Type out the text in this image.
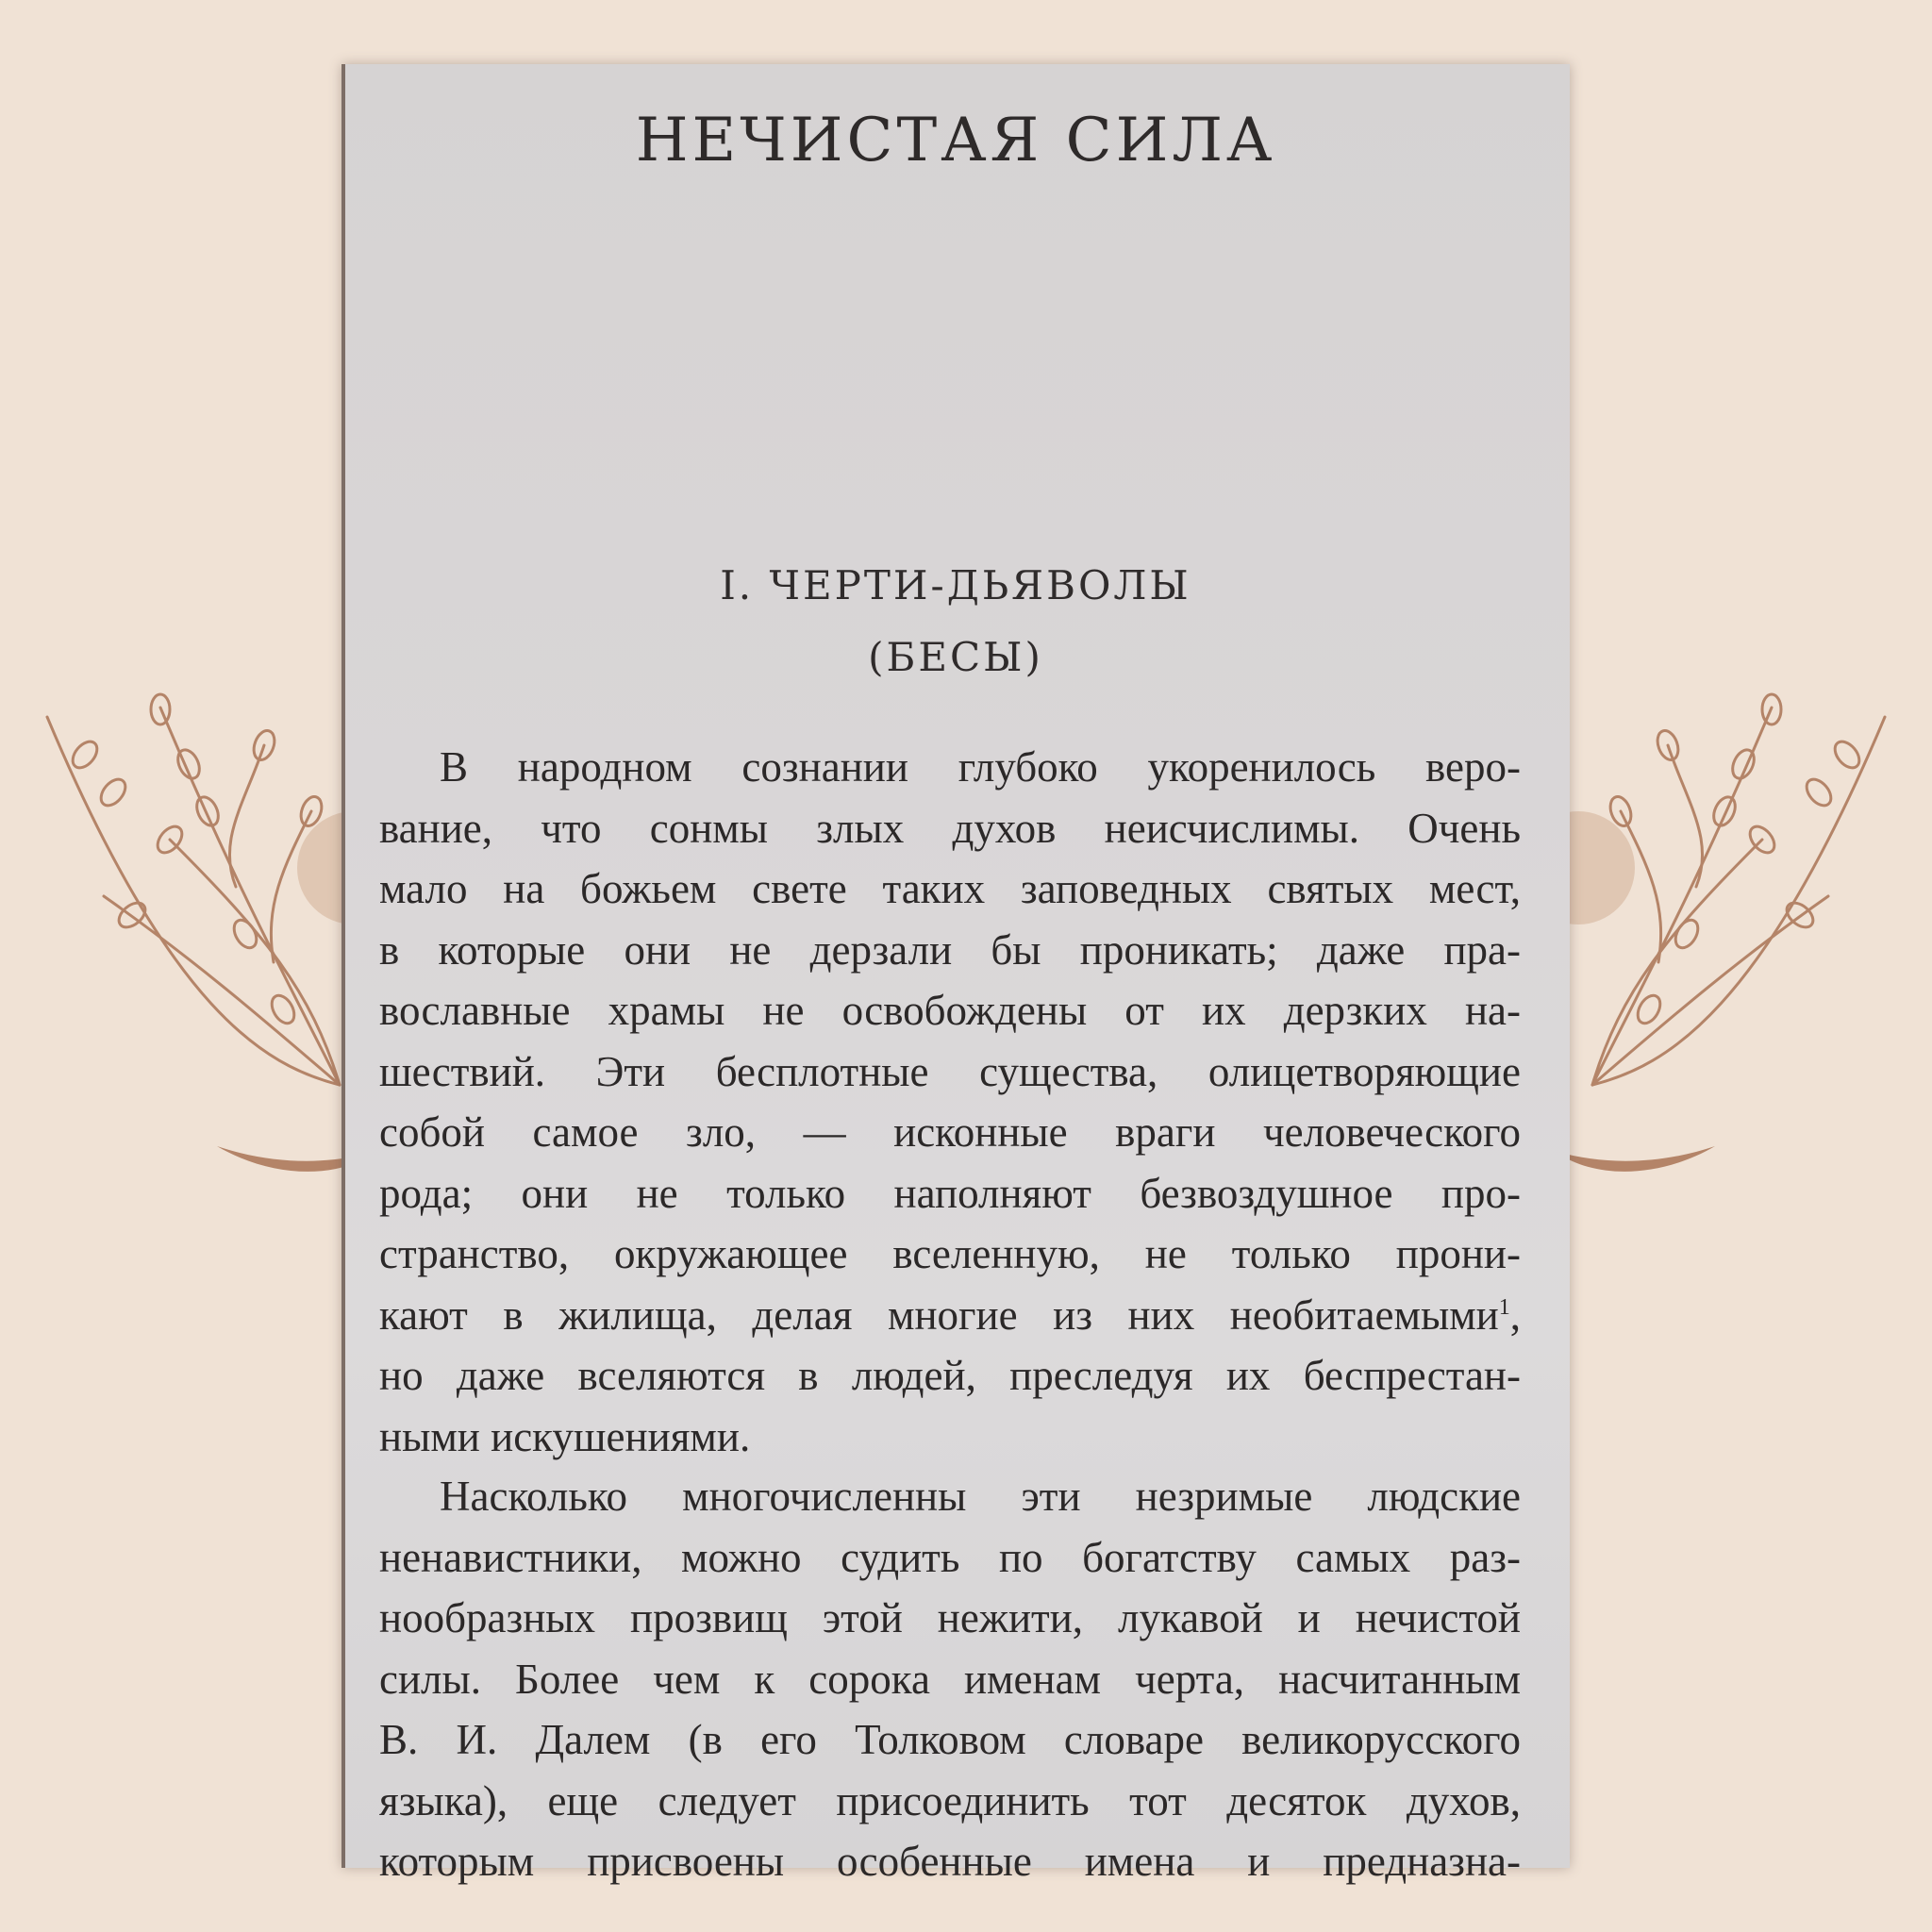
НЕЧИСТАЯ СИЛА
I. ЧЕРТИ-ДЬЯВОЛЫ
(БЕСЫ)
В народном сознании глубоко укоренилось веро-
вание, что сонмы злых духов неисчислимы. Очень
мало на божьем свете таких заповедных святых мест,
в которые они не дерзали бы проникать; даже пра-
вославные храмы не освобождены от их дерзких на-
шествий. Эти бесплотные существа, олицетворяющие
собой самое зло, — исконные враги человеческого
рода; они не только наполняют безвоздушное про-
странство, окружающее вселенную, не только прони-
кают в жилища, делая многие из них необитаемыми$^1$,
но даже вселяются в людей, преследуя их беспрестан-
ными искушениями.
Насколько многочисленны эти незримые людские
ненавистники, можно судить по богатству самых раз-
нообразных прозвищ этой нежити, лукавой и нечистой
силы. Более чем к сорока именам черта, насчитанным
В. И. Далем (в его Толковом словаре великорусского
языка), еще следует присоединить тот десяток духов,
которым присвоены особенные имена и предназна-
